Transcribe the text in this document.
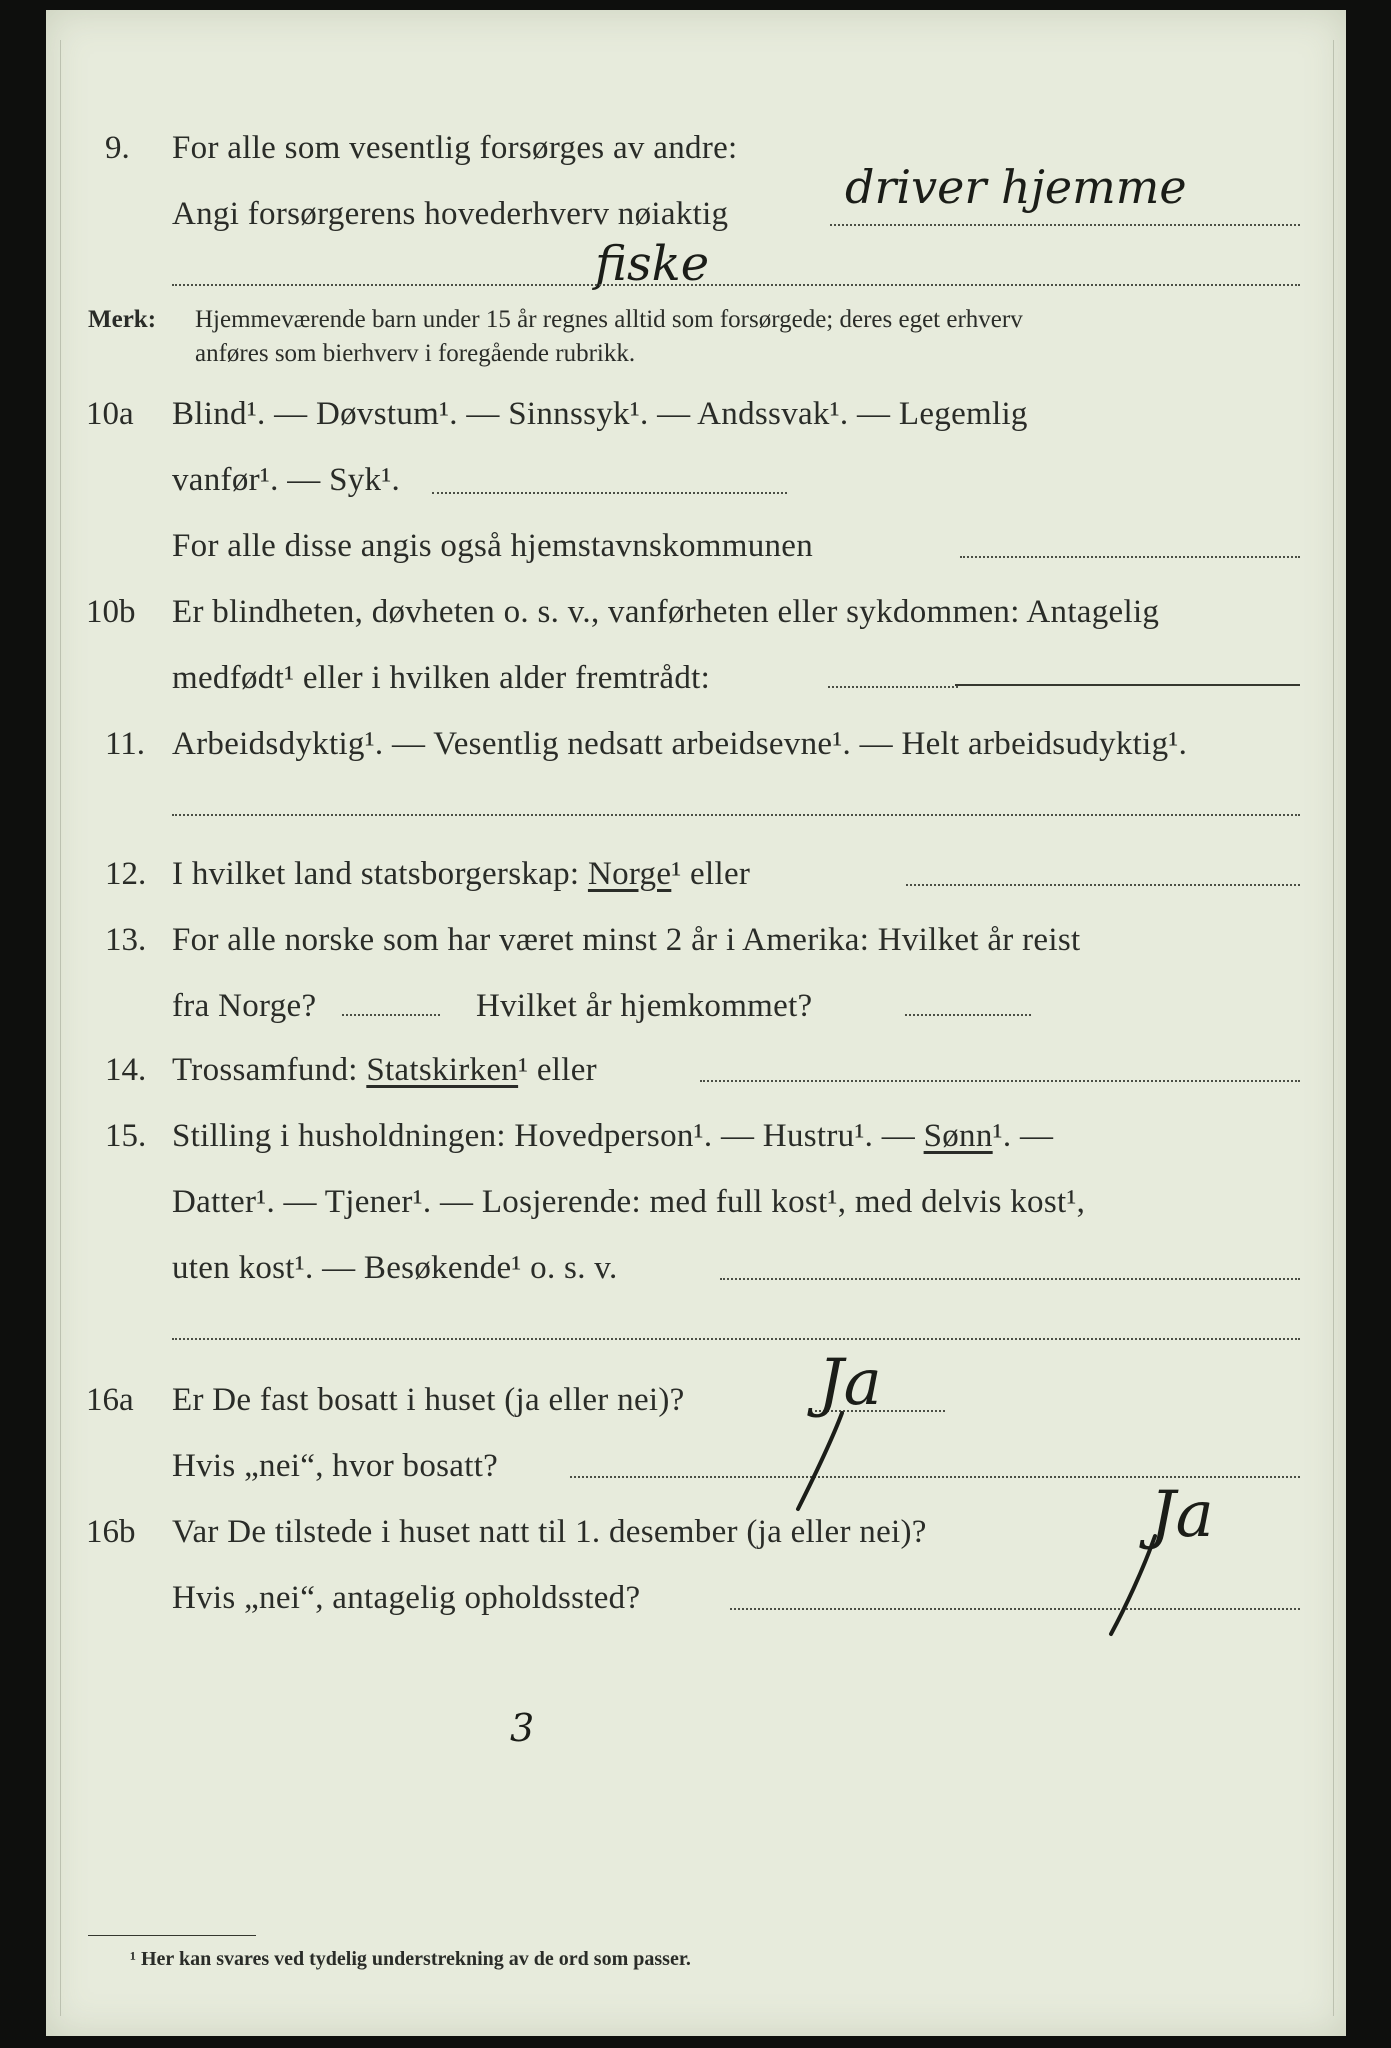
9. For alle som vesentlig forsørges av andre:
Angi forsørgerens hovederhverv nøiaktig	driver hjemme
fiske
Merk: Hjemmeværende barn under 15 år regnes alltid som forsørgede; deres eget erhverv
anføres som bierhverv i foregående rubrikk.
10a Blind¹. — Døvstum¹. — Sinnssyk¹. — Andssvak¹. — Legemlig
vanfør¹. — Syk¹.
For alle disse angis også hjemstavnskommunen
10b Er blindheten, døvheten o. s. v., vanførheten eller sykdommen: Antagelig
medfødt¹ eller i hvilken alder fremtrådt:
11. Arbeidsdyktig¹. — Vesentlig nedsatt arbeidsevne¹. — Helt arbeidsudyktig¹.
12. I hvilket land statsborgerskap: Norge¹ eller
13. For alle norske som har været minst 2 år i Amerika: Hvilket år reist
fra Norge?	Hvilket år hjemkommet?
14. Trossamfund: Statskirken¹ eller
15. Stilling i husholdningen: Hovedperson¹. — Hustru¹. — Sønn¹. —
Datter¹. — Tjener¹. — Losjerende: med full kost¹, med delvis kost¹,
uten kost¹. — Besøkende¹ o. s. v.
16a Er De fast bosatt i huset (ja eller nei)? Ja
Hvis „nei“, hvor bosatt?
16b Var De tilstede i huset natt til 1. desember (ja eller nei)?	Ja
Hvis „nei“, antagelig opholdssted?
3
¹ Her kan svares ved tydelig understrekning av de ord som passer.
